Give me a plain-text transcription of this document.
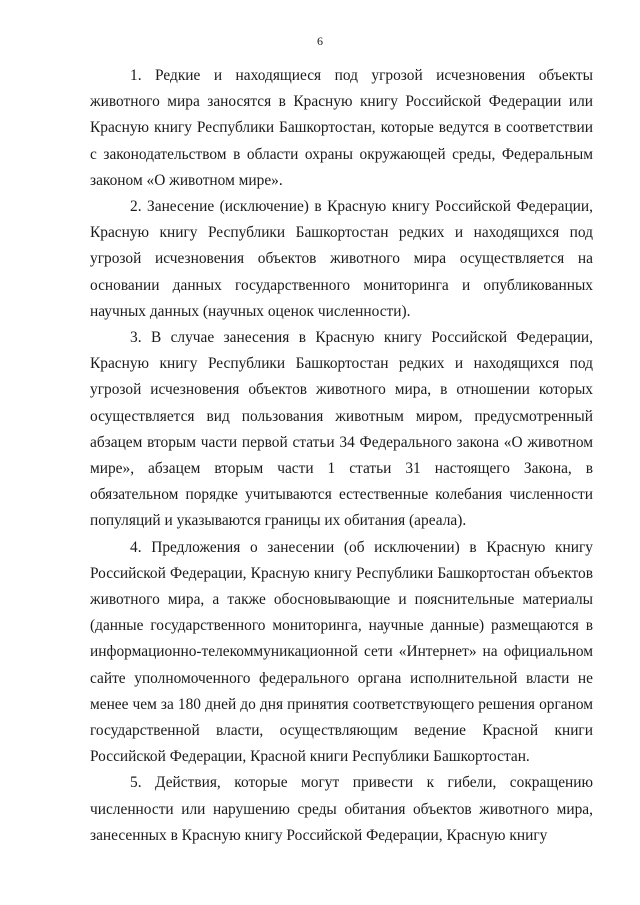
6

1. Редкие и находящиеся под угрозой исчезновения объекты животного мира заносятся в Красную книгу Российской Федерации или Красную книгу Республики Башкортостан, которые ведутся в соответствии с законодательством в области охраны окружающей среды, Федеральным законом «О животном мире».

2. Занесение (исключение) в Красную книгу Российской Федерации, Красную книгу Республики Башкортостан редких и находящихся под угрозой исчезновения объектов животного мира осуществляется на основании данных государственного мониторинга и опубликованных научных данных (научных оценок численности).

3. В случае занесения в Красную книгу Российской Федерации, Красную книгу Республики Башкортостан редких и находящихся под угрозой исчезновения объектов животного мира, в отношении которых осуществляется вид пользования животным миром, предусмотренный абзацем вторым части первой статьи 34 Федерального закона «О животном мире», абзацем вторым части 1 статьи 31 настоящего Закона, в обязательном порядке учитываются естественные колебания численности популяций и указываются границы их обитания (ареала).

4. Предложения о занесении (об исключении) в Красную книгу Российской Федерации, Красную книгу Республики Башкортостан объектов животного мира, а также обосновывающие и пояснительные материалы (данные государственного мониторинга, научные данные) размещаются в информационно-телекоммуникационной сети «Интернет» на официальном сайте уполномоченного федерального органа исполнительной власти не менее чем за 180 дней до дня принятия соответствующего решения органом государственной власти, осуществляющим ведение Красной книги Российской Федерации, Красной книги Республики Башкортостан.

5. Действия, которые могут привести к гибели, сокращению численности или нарушению среды обитания объектов животного мира, занесенных в Красную книгу Российской Федерации, Красную книгу
